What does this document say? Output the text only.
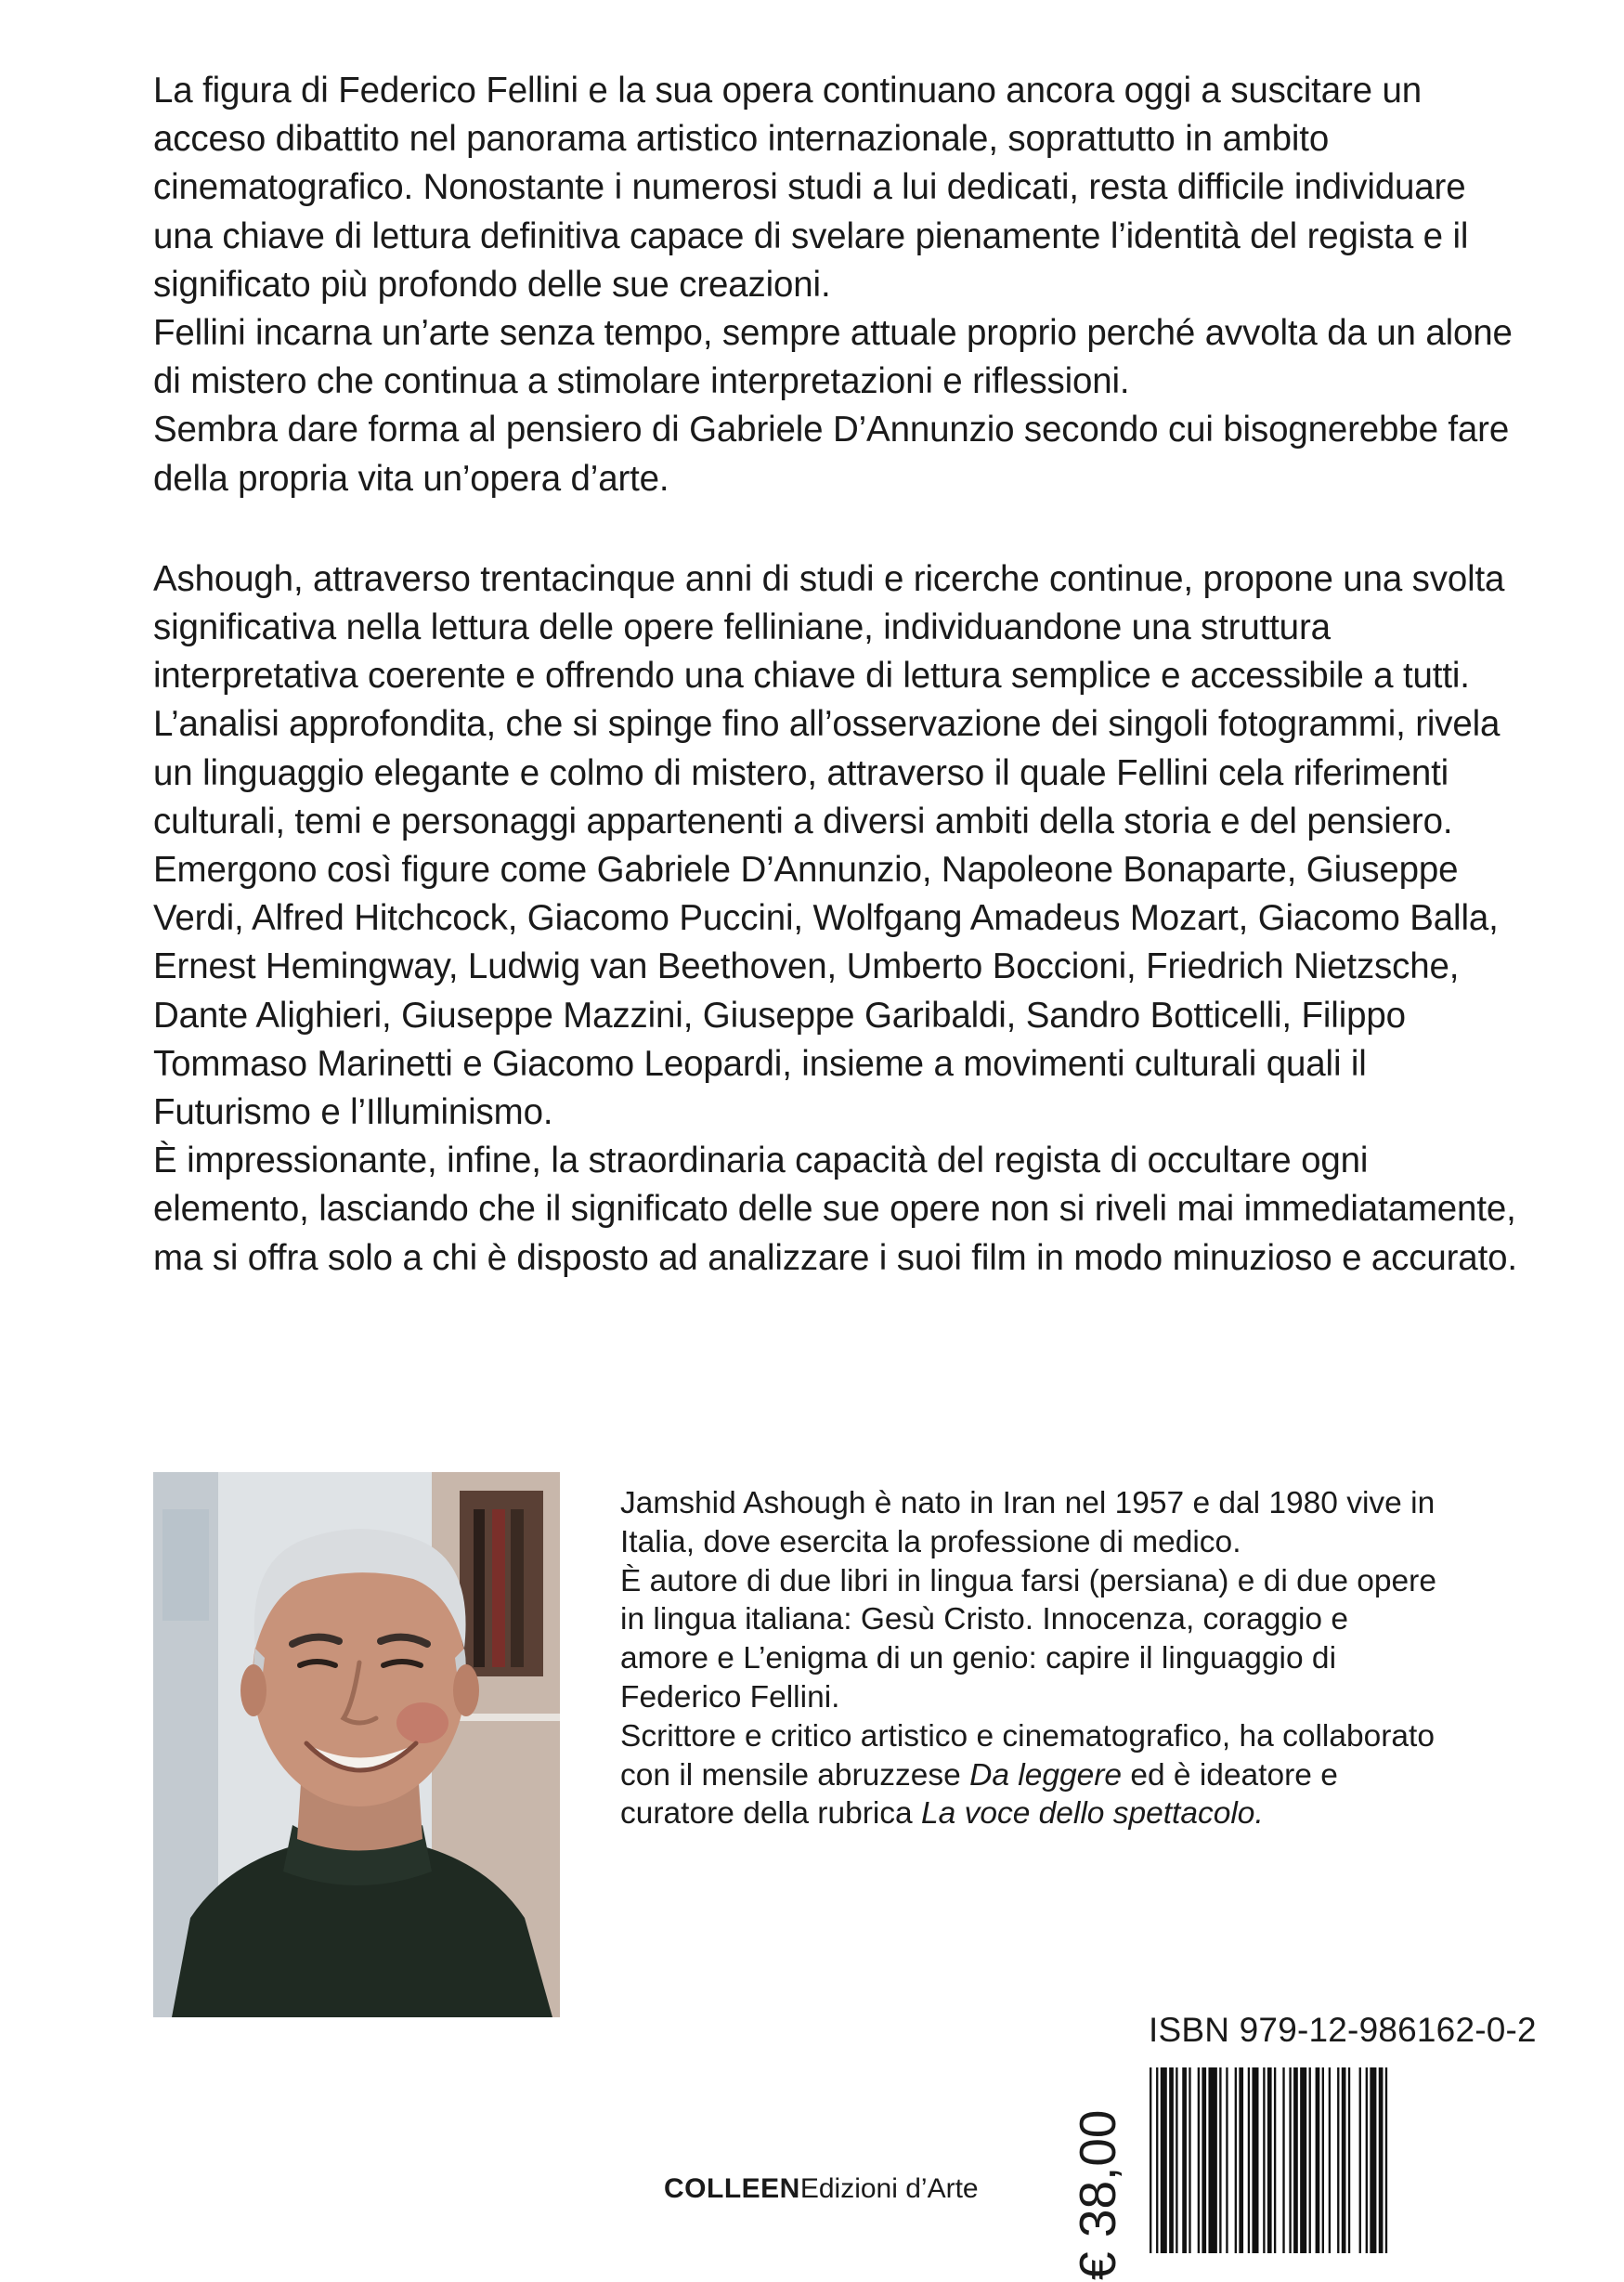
La figura di Federico Fellini e la sua opera continuano ancora oggi a suscitare un acceso dibattito nel panorama artistico internazionale, soprattutto in ambito cinematografico. Nonostante i numerosi studi a lui dedicati, resta difficile individuare una chiave di lettura definitiva capace di svelare pienamente l’identità del regista e il significato più profondo delle sue creazioni.

Fellini incarna un’arte senza tempo, sempre attuale proprio perché avvolta da un alone di mistero che continua a stimolare interpretazioni e riflessioni.

Sembra dare forma al pensiero di Gabriele D’Annunzio secondo cui bisognerebbe fare della propria vita un’opera d’arte.

Ashough, attraverso trentacinque anni di studi e ricerche continue, propone una svolta significativa nella lettura delle opere felliniane, individuandone una struttura interpretativa coerente e offrendo una chiave di lettura semplice e accessibile a tutti. L’analisi approfondita, che si spinge fino all’osservazione dei singoli fotogrammi, rivela un linguaggio elegante e colmo di mistero, attraverso il quale Fellini cela riferimenti culturali, temi e personaggi appartenenti a diversi ambiti della storia e del pensiero.

Emergono così figure come Gabriele D’Annunzio, Napoleone Bonaparte, Giuseppe Verdi, Alfred Hitchcock, Giacomo Puccini, Wolfgang Amadeus Mozart, Giacomo Balla, Ernest Hemingway, Ludwig van Beethoven, Umberto Boccioni, Friedrich Nietzsche, Dante Alighieri, Giuseppe Mazzini, Giuseppe Garibaldi, Sandro Botticelli, Filippo Tommaso Marinetti e Giacomo Leopardi, insieme a movimenti culturali quali il Futurismo e l’Illuminismo.

È impressionante, infine, la straordinaria capacità del regista di occultare ogni elemento, lasciando che il significato delle sue opere non si riveli mai immediatamente, ma si offra solo a chi è disposto ad analizzare i suoi film in modo minuzioso e accurato.

Jamshid Ashough è nato in Iran nel 1957 e dal 1980 vive in Italia, dove esercita la professione di medico.

È autore di due libri in lingua farsi (persiana) e di due opere in lingua italiana: Gesù Cristo. Innocenza, coraggio e amore e L’enigma di un genio: capire il linguaggio di Federico Fellini.

Scrittore e critico artistico e cinematografico, ha collaborato con il mensile abruzzese Da leggere ed è ideatore e curatore della rubrica La voce dello spettacolo.

ISBN 979-12-986162-0-2
€ 38,00
COLLEENEdizioni d’Arte
